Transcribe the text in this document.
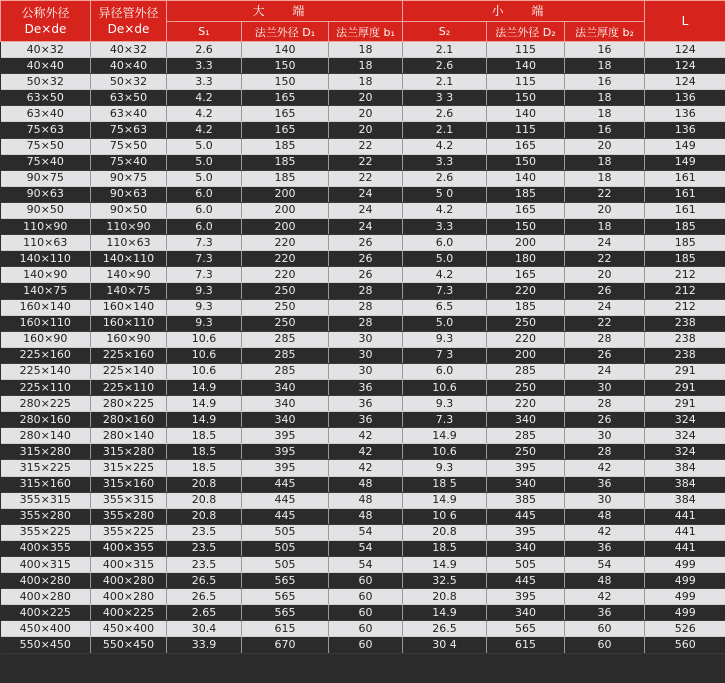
公称外径
De×de	异径管外径
De×de	大 端			小 端			L
		S₁	法兰外径 D₁	法兰厚度 b₁	S₂	法兰外径 D₂	法兰厚度 b₂	
40×32	40×32	2.6	140	18	2.1	115	16	124
40×40	40×40	3.3	150	18	2.6	140	18	124
50×32	50×32	3.3	150	18	2.1	115	16	124
63×50	63×50	4.2	165	20	3 3	150	18	136
63×40	63×40	4.2	165	20	2.6	140	18	136
75×63	75×63	4.2	165	20	2.1	115	16	136
75×50	75×50	5.0	185	22	4.2	165	20	149
75×40	75×40	5.0	185	22	3.3	150	18	149
90×75	90×75	5.0	185	22	2.6	140	18	161
90×63	90×63	6.0	200	24	5 0	185	22	161
90×50	90×50	6.0	200	24	4.2	165	20	161
110×90	110×90	6.0	200	24	3.3	150	18	185
110×63	110×63	7.3	220	26	6.0	200	24	185
140×110	140×110	7.3	220	26	5.0	180	22	185
140×90	140×90	7.3	220	26	4.2	165	20	212
140×75	140×75	9.3	250	28	7.3	220	26	212
160×140	160×140	9.3	250	28	6.5	185	24	212
160×110	160×110	9.3	250	28	5.0	250	22	238
160×90	160×90	10.6	285	30	9.3	220	28	238
225×160	225×160	10.6	285	30	7 3	200	26	238
225×140	225×140	10.6	285	30	6.0	285	24	291
225×110	225×110	14.9	340	36	10.6	250	30	291
280×225	280×225	14.9	340	36	9.3	220	28	291
280×160	280×160	14.9	340	36	7.3	340	26	324
280×140	280×140	18.5	395	42	14.9	285	30	324
315×280	315×280	18.5	395	42	10.6	250	28	324
315×225	315×225	18.5	395	42	9.3	395	42	384
315×160	315×160	20.8	445	48	18 5	340	36	384
355×315	355×315	20.8	445	48	14.9	385	30	384
355×280	355×280	20.8	445	48	10 6	445	48	441
355×225	355×225	23.5	505	54	20.8	395	42	441
400×355	400×355	23.5	505	54	18.5	340	36	441
400×315	400×315	23.5	505	54	14.9	505	54	499
400×280	400×280	26.5	565	60	32.5	445	48	499
400×280	400×280	26.5	565	60	20.8	395	42	499
400×225	400×225	2.65	565	60	14.9	340	36	499
450×400	450×400	30.4	615	60	26.5	565	60	526
550×450	550×450	33.9	670	60	30 4	615	60	560
